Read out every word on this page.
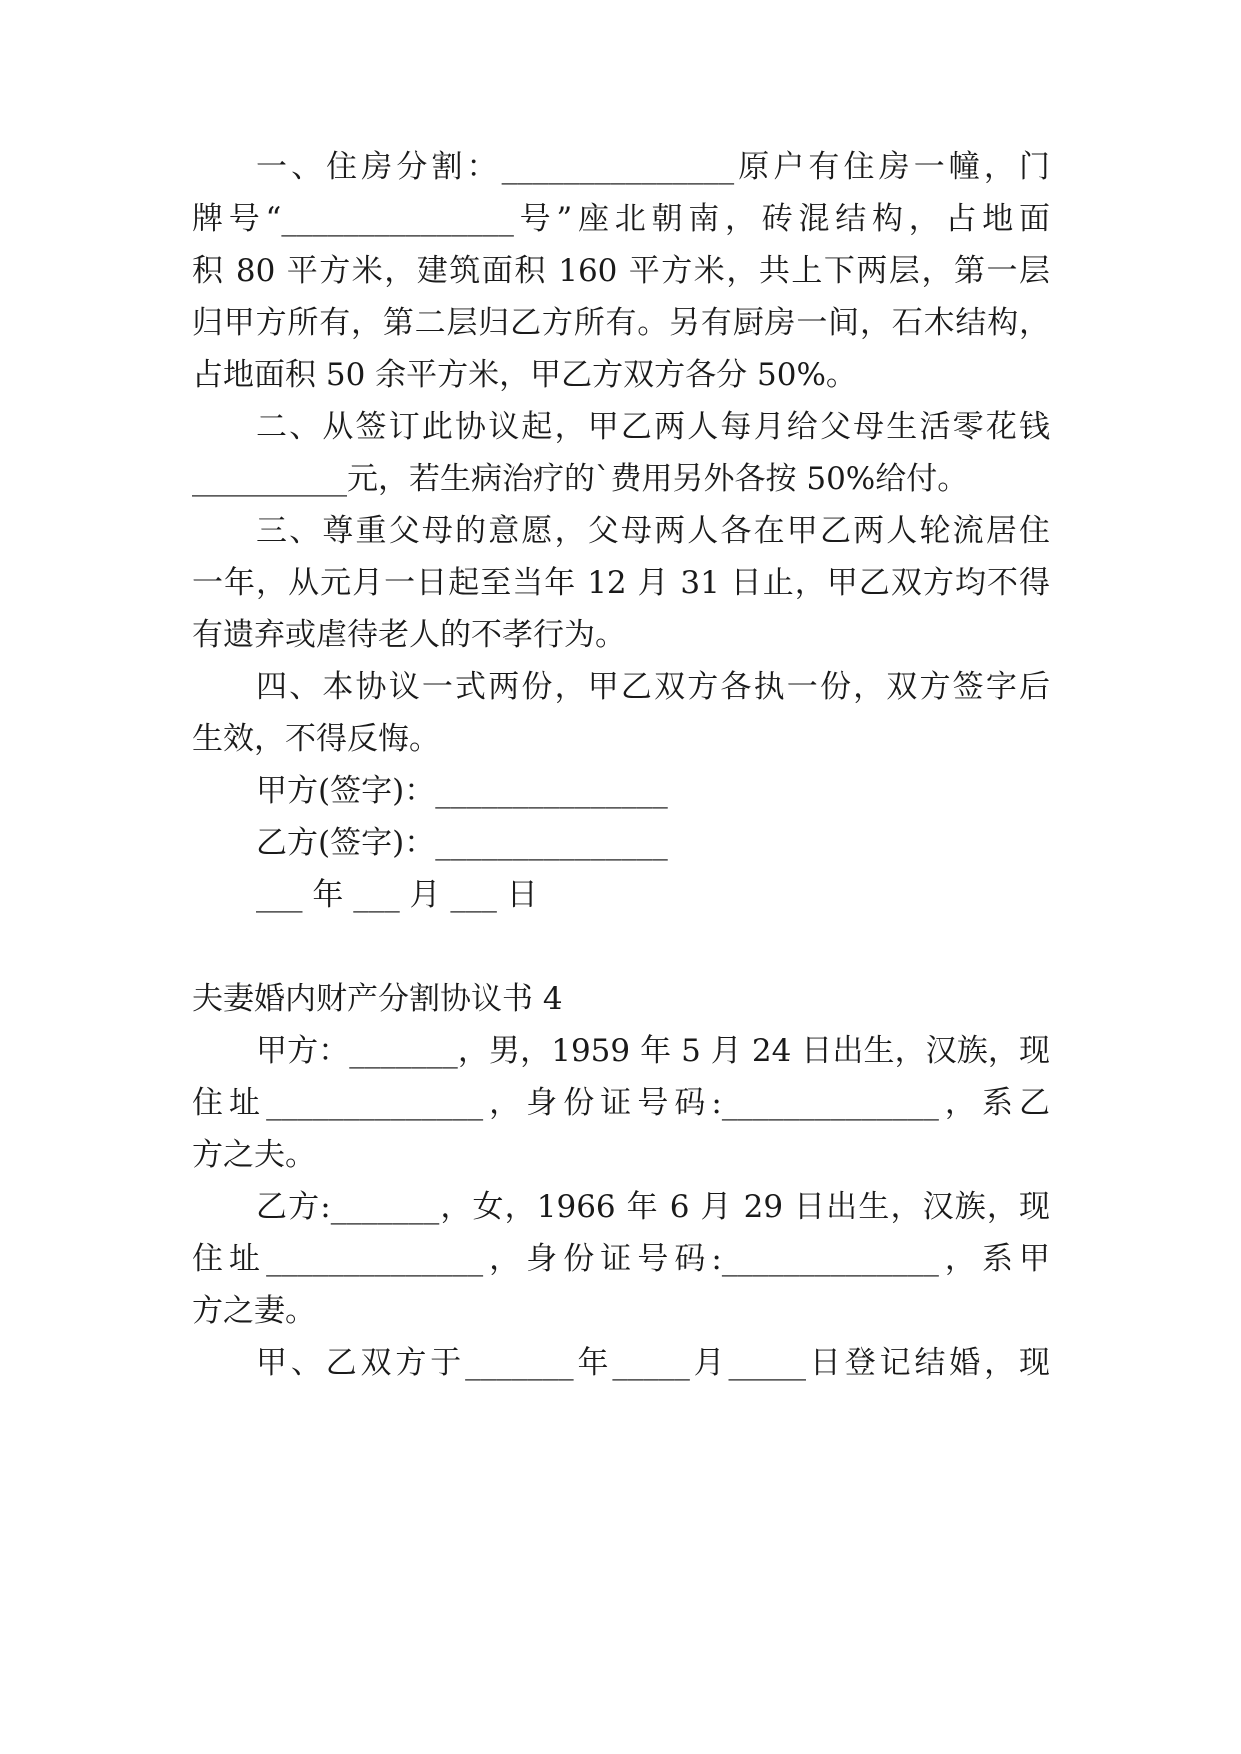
一、住房分割：_______________原户有住房一幢，门

牌号“_______________号”座北朝南，砖混结构，占地面

积 80 平方米，建筑面积 160 平方米，共上下两层，第一层

归甲方所有，第二层归乙方所有。另有厨房一间，石木结构，

占地面积 50 余平方米，甲乙方双方各分 50%。

二、从签订此协议起，甲乙两人每月给父母生活零花钱

__________元，若生病治疗的`费用另外各按 50%给付。

三、尊重父母的意愿，父母两人各在甲乙两人轮流居住

一年，从元月一日起至当年 12 月 31 日止，甲乙双方均不得

有遗弃或虐待老人的不孝行为。

四、本协议一式两份，甲乙双方各执一份，双方签字后

生效，不得反悔。

甲方(签字)：_______________

乙方(签字)：_______________

___ 年 ___ 月 ___ 日

夫妻婚内财产分割协议书 4

甲方：_______，男，1959 年 5 月 24 日出生，汉族，现

住址______________，身份证号码:______________，系乙

方之夫。

乙方:_______，女，1966 年 6 月 29 日出生，汉族，现

住址______________，身份证号码:______________，系甲

方之妻。

甲、乙双方于_______年_____月_____日登记结婚，现
